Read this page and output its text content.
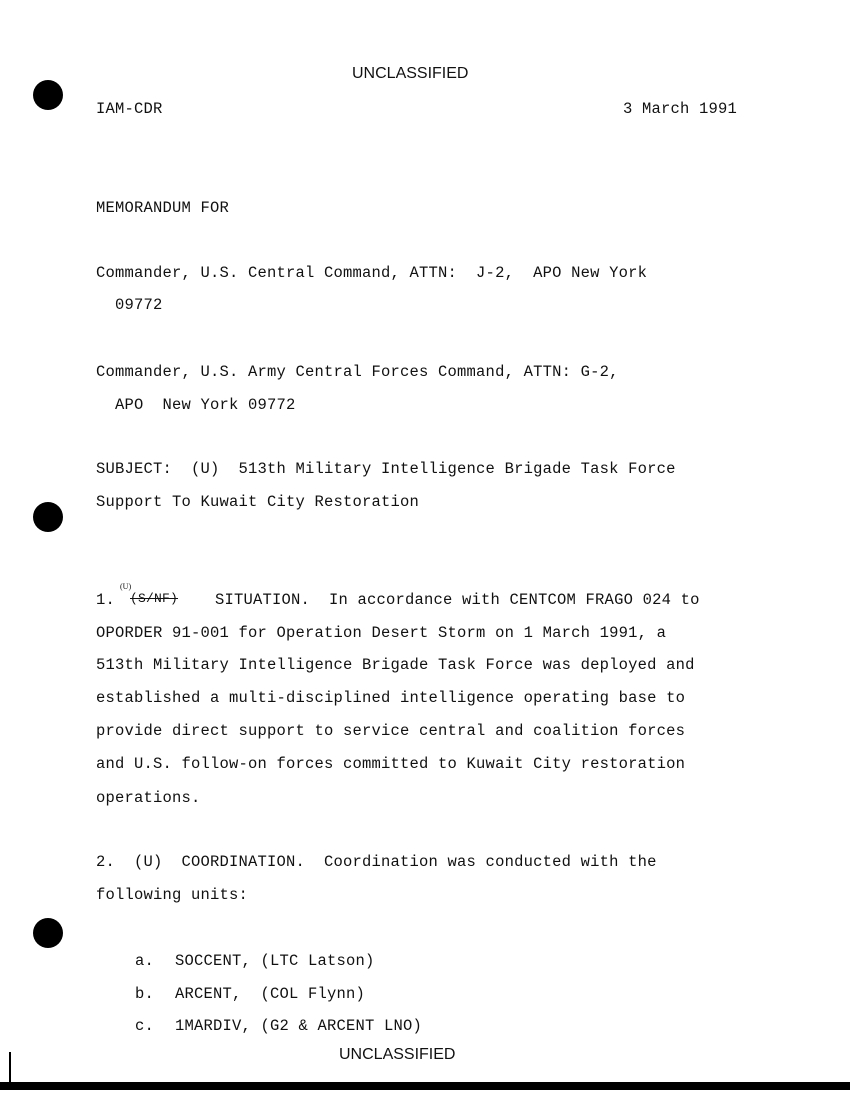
UNCLASSIFIED
IAM-CDR	3 March 1991
MEMORANDUM FOR
Commander, U.S. Central Command, ATTN:  J-2,  APO New York
09772
Commander, U.S. Army Central Forces Command, ATTN: G-2,
APO  New York 09772
SUBJECT:  (U)  513th Military Intelligence Brigade Task Force
Support To Kuwait City Restoration
(U)
1. (S/NF) SITUATION.  In accordance with CENTCOM FRAGO 024 to
OPORDER 91-001 for Operation Desert Storm on 1 March 1991, a
513th Military Intelligence Brigade Task Force was deployed and
established a multi-disciplined intelligence operating base to
provide direct support to service central and coalition forces
and U.S. follow-on forces committed to Kuwait City restoration
operations.
2.  (U)  COORDINATION.  Coordination was conducted with the
following units:
a. SOCCENT, (LTC Latson)
b. ARCENT,  (COL Flynn)
c. 1MARDIV, (G2 & ARCENT LNO)
UNCLASSIFIED
